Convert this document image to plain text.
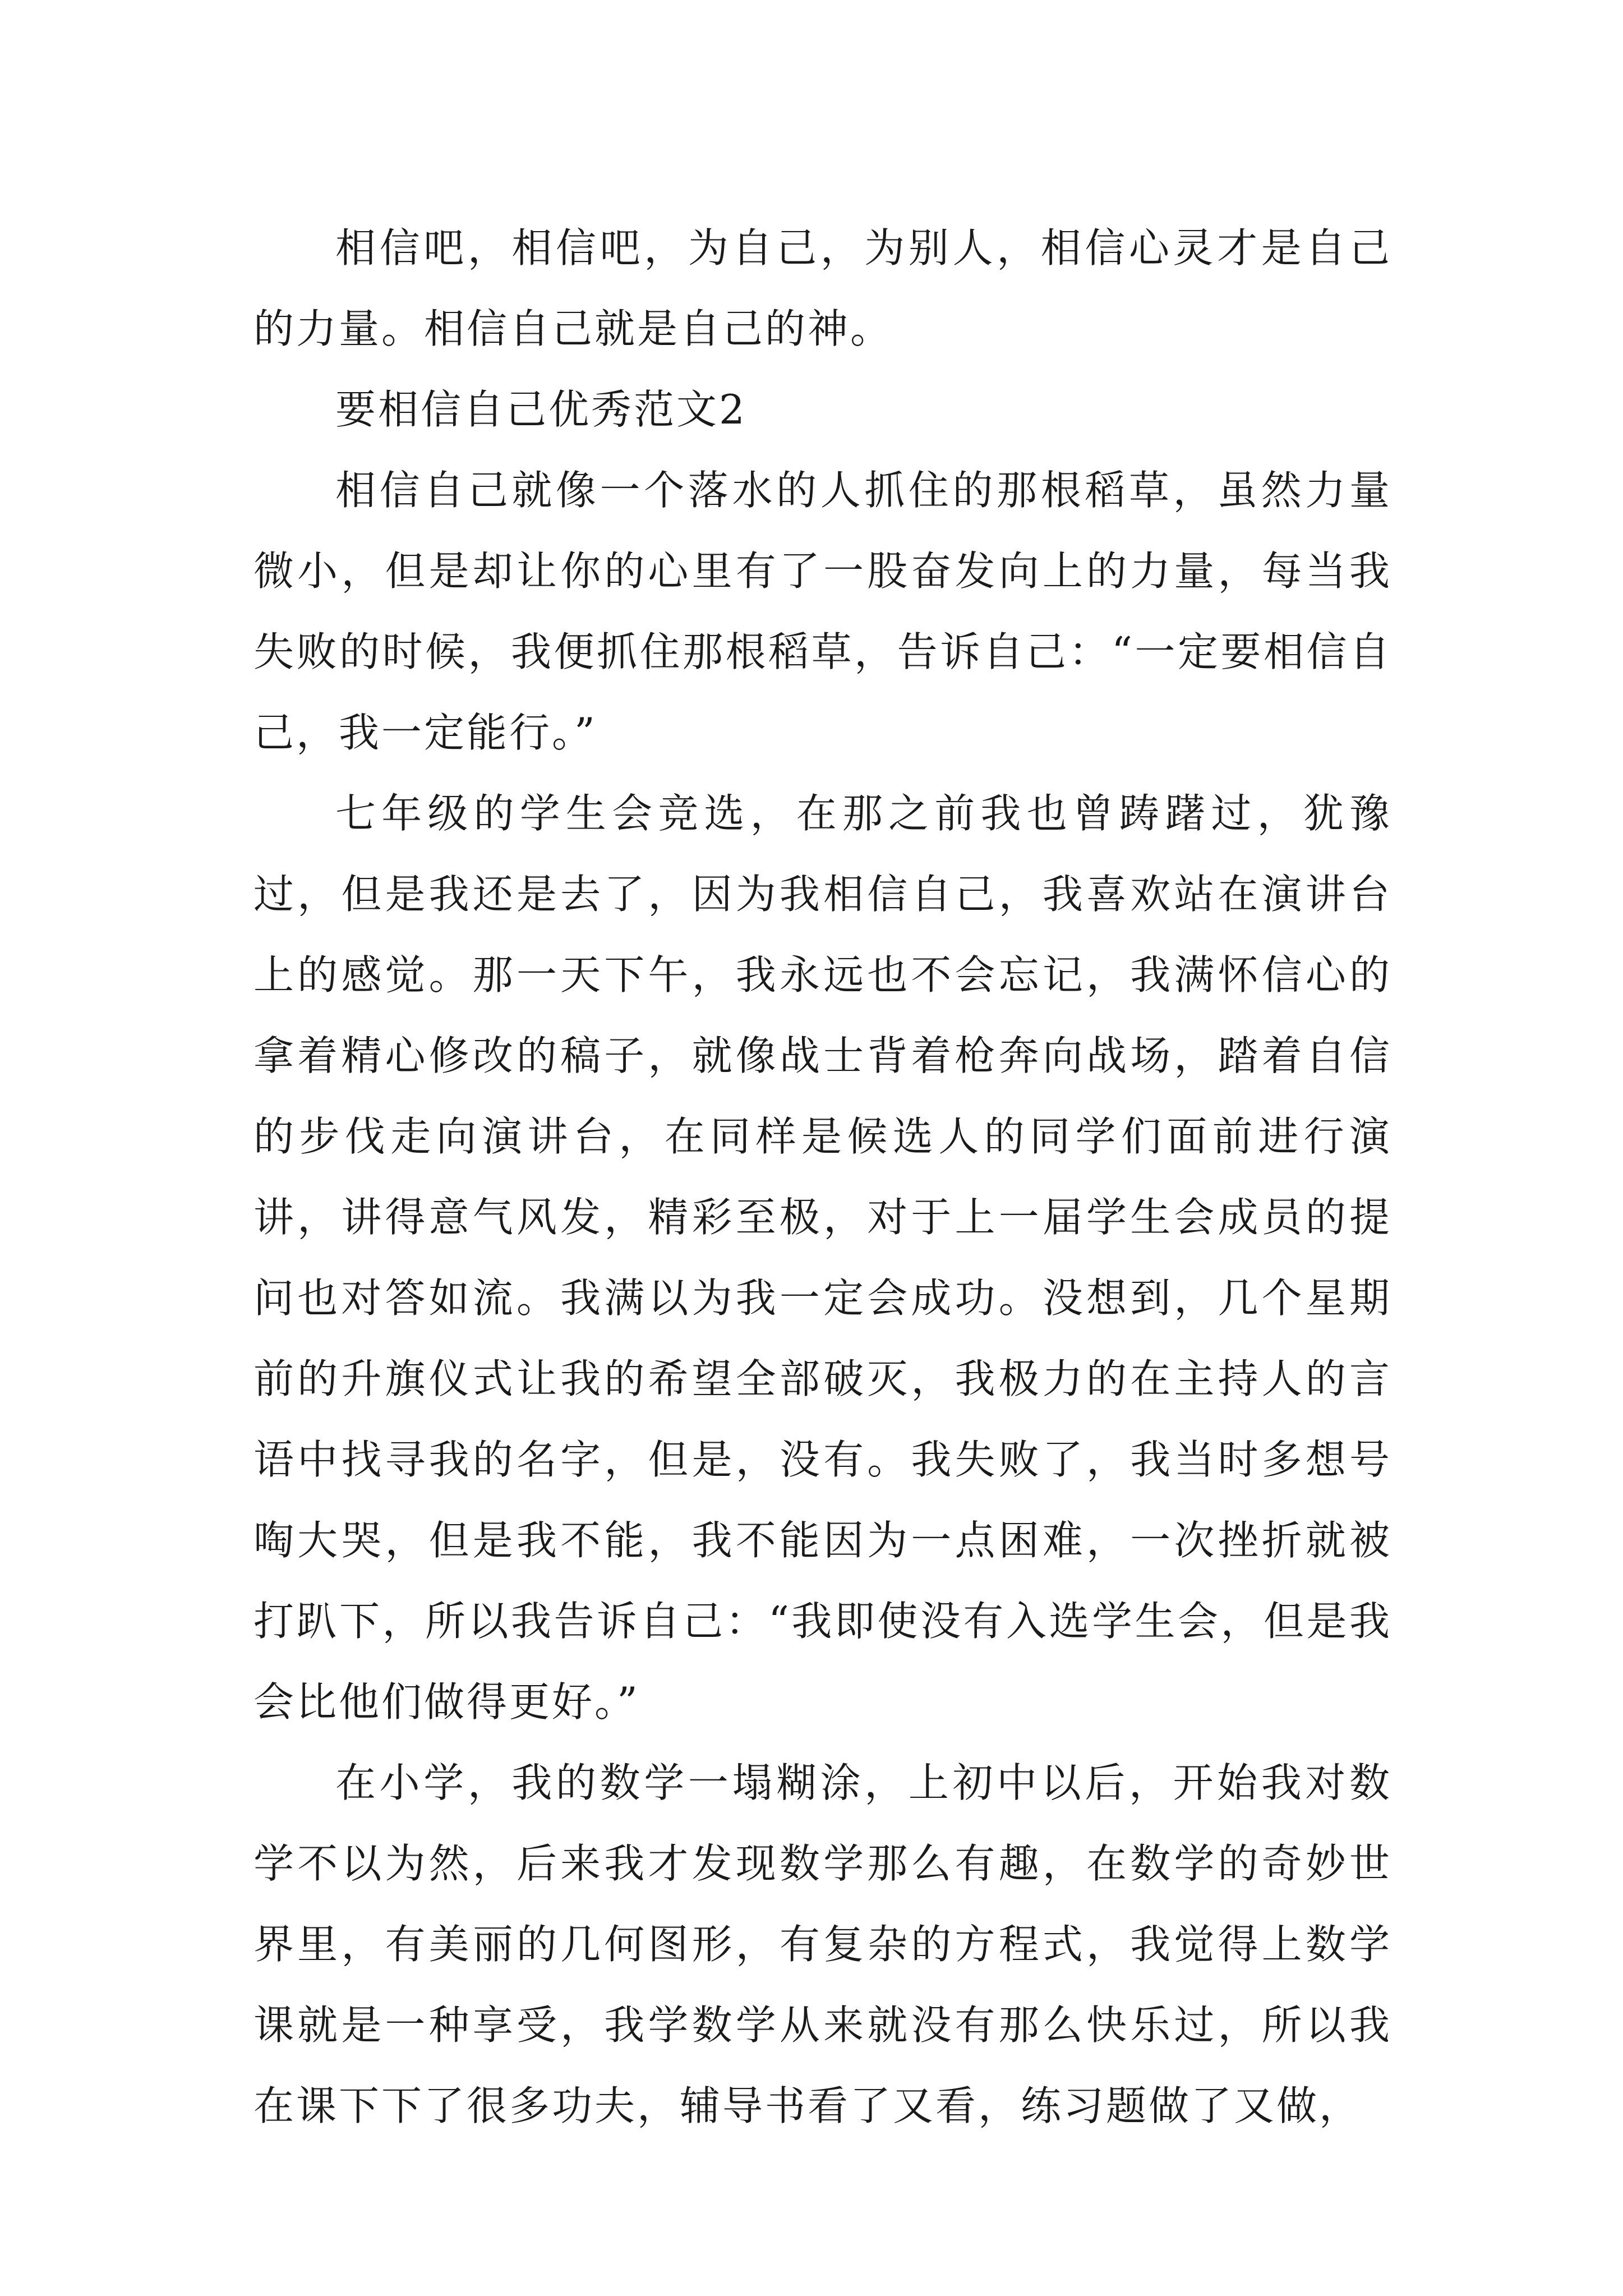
相信吧，相信吧，为自己，为别人，相信心灵才是自己的力量。相信自己就是自己的神。

要相信自己优秀范文2

相信自己就像一个落水的人抓住的那根稻草，虽然力量微小，但是却让你的心里有了一股奋发向上的力量，每当我失败的时候，我便抓住那根稻草，告诉自己：“一定要相信自己，我一定能行。”

七年级的学生会竞选，在那之前我也曾踌躇过，犹豫过，但是我还是去了，因为我相信自己，我喜欢站在演讲台上的感觉。那一天下午，我永远也不会忘记，我满怀信心的拿着精心修改的稿子，就像战士背着枪奔向战场，踏着自信的步伐走向演讲台，在同样是候选人的同学们面前进行演讲，讲得意气风发，精彩至极，对于上一届学生会成员的提问也对答如流。我满以为我一定会成功。没想到，几个星期前的升旗仪式让我的希望全部破灭，我极力的在主持人的言语中找寻我的名字，但是，没有。我失败了，我当时多想号啕大哭，但是我不能，我不能因为一点困难，一次挫折就被打趴下，所以我告诉自己：“我即使没有入选学生会，但是我会比他们做得更好。”

在小学，我的数学一塌糊涂，上初中以后，开始我对数学不以为然，后来我才发现数学那么有趣，在数学的奇妙世界里，有美丽的几何图形，有复杂的方程式，我觉得上数学课就是一种享受，我学数学从来就没有那么快乐过，所以我在课下下了很多功夫，辅导书看了又看，练习题做了又做，
